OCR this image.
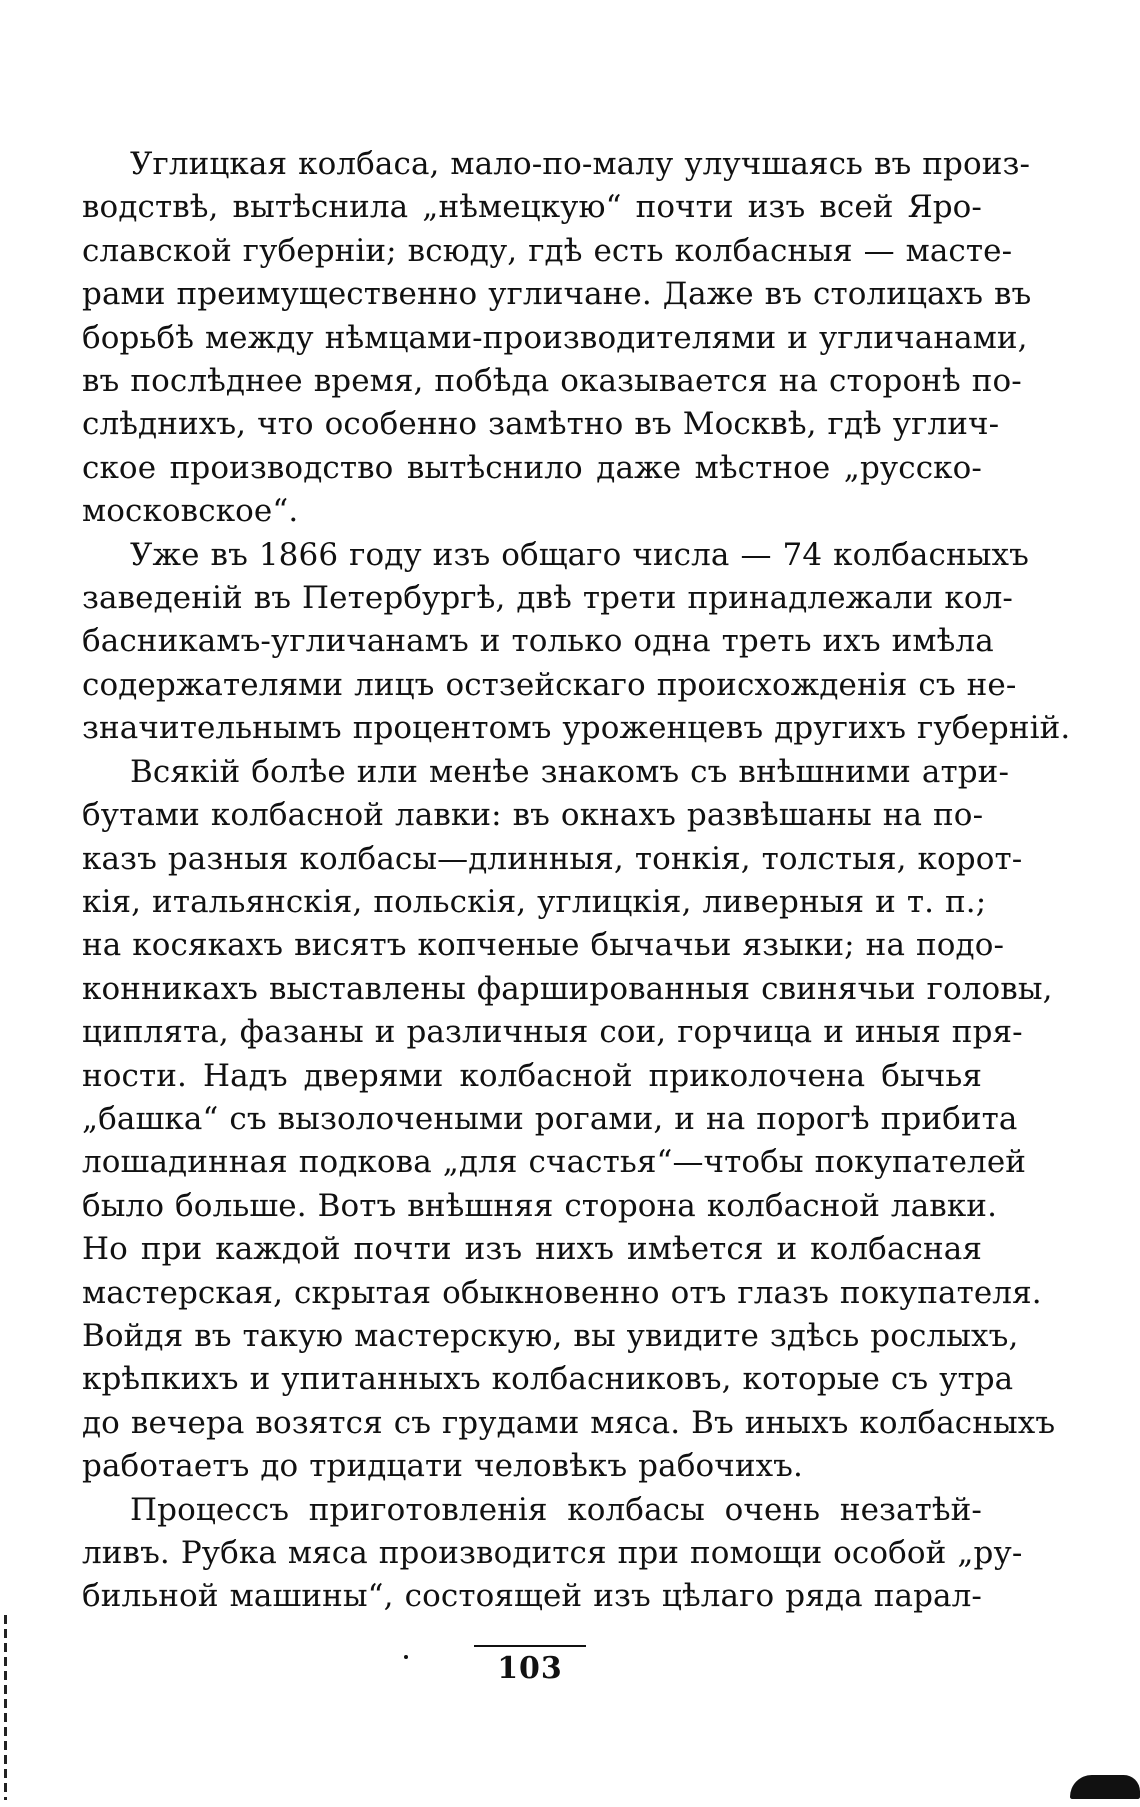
Углицкая колбаса, мало-по-малу улучшаясь въ произ-
водствѣ, вытѣснила „нѣмецкую“ почти изъ всей Яро-
славской губерніи; всюду, гдѣ есть колбасныя — масте-
рами преимущественно угличане. Даже въ столицахъ въ
борьбѣ между нѣмцами-производителями и угличанами,
въ послѣднее время, побѣда оказывается на сторонѣ по-
слѣднихъ, что особенно замѣтно въ Москвѣ, гдѣ углич-
ское производство вытѣснило даже мѣстное „русско-
московское“.

Уже въ 1866 году изъ общаго числа — 74 колбасныхъ
заведеній въ Петербургѣ, двѣ трети принадлежали кол-
басникамъ-угличанамъ и только одна треть ихъ имѣла
содержателями лицъ остзейскаго происхожденія съ не-
значительнымъ процентомъ уроженцевъ другихъ губерній.

Всякій болѣе или менѣе знакомъ съ внѣшними атри-
бутами колбасной лавки: въ окнахъ развѣшаны на по-
казъ разныя колбасы—длинныя, тонкія, толстыя, корот-
кія, итальянскія, польскія, углицкія, ливерныя и т. п.;
на косякахъ висятъ копченые бычачьи языки; на подо-
конникахъ выставлены фаршированныя свинячьи головы,
циплята, фазаны и различныя сои, горчица и иныя пря-
ности. Надъ дверями колбасной приколочена бычья
„башка“ съ вызолочеными рогами, и на порогѣ прибита
лошадинная подкова „для счастья“—чтобы покупателей
было больше. Вотъ внѣшняя сторона колбасной лавки.
Но при каждой почти изъ нихъ имѣется и колбасная
мастерская, скрытая обыкновенно отъ глазъ покупателя.
Войдя въ такую мастерскую, вы увидите здѣсь рослыхъ,
крѣпкихъ и упитанныхъ колбасниковъ, которые съ утра
до вечера возятся съ грудами мяса. Въ иныхъ колбасныхъ
работаетъ до тридцати человѣкъ рабочихъ.

Процессъ приготовленія колбасы очень незатѣй-
ливъ. Рубка мяса производится при помощи особой „ру-
бильной машины“, состоящей изъ цѣлаго ряда парал-

103
